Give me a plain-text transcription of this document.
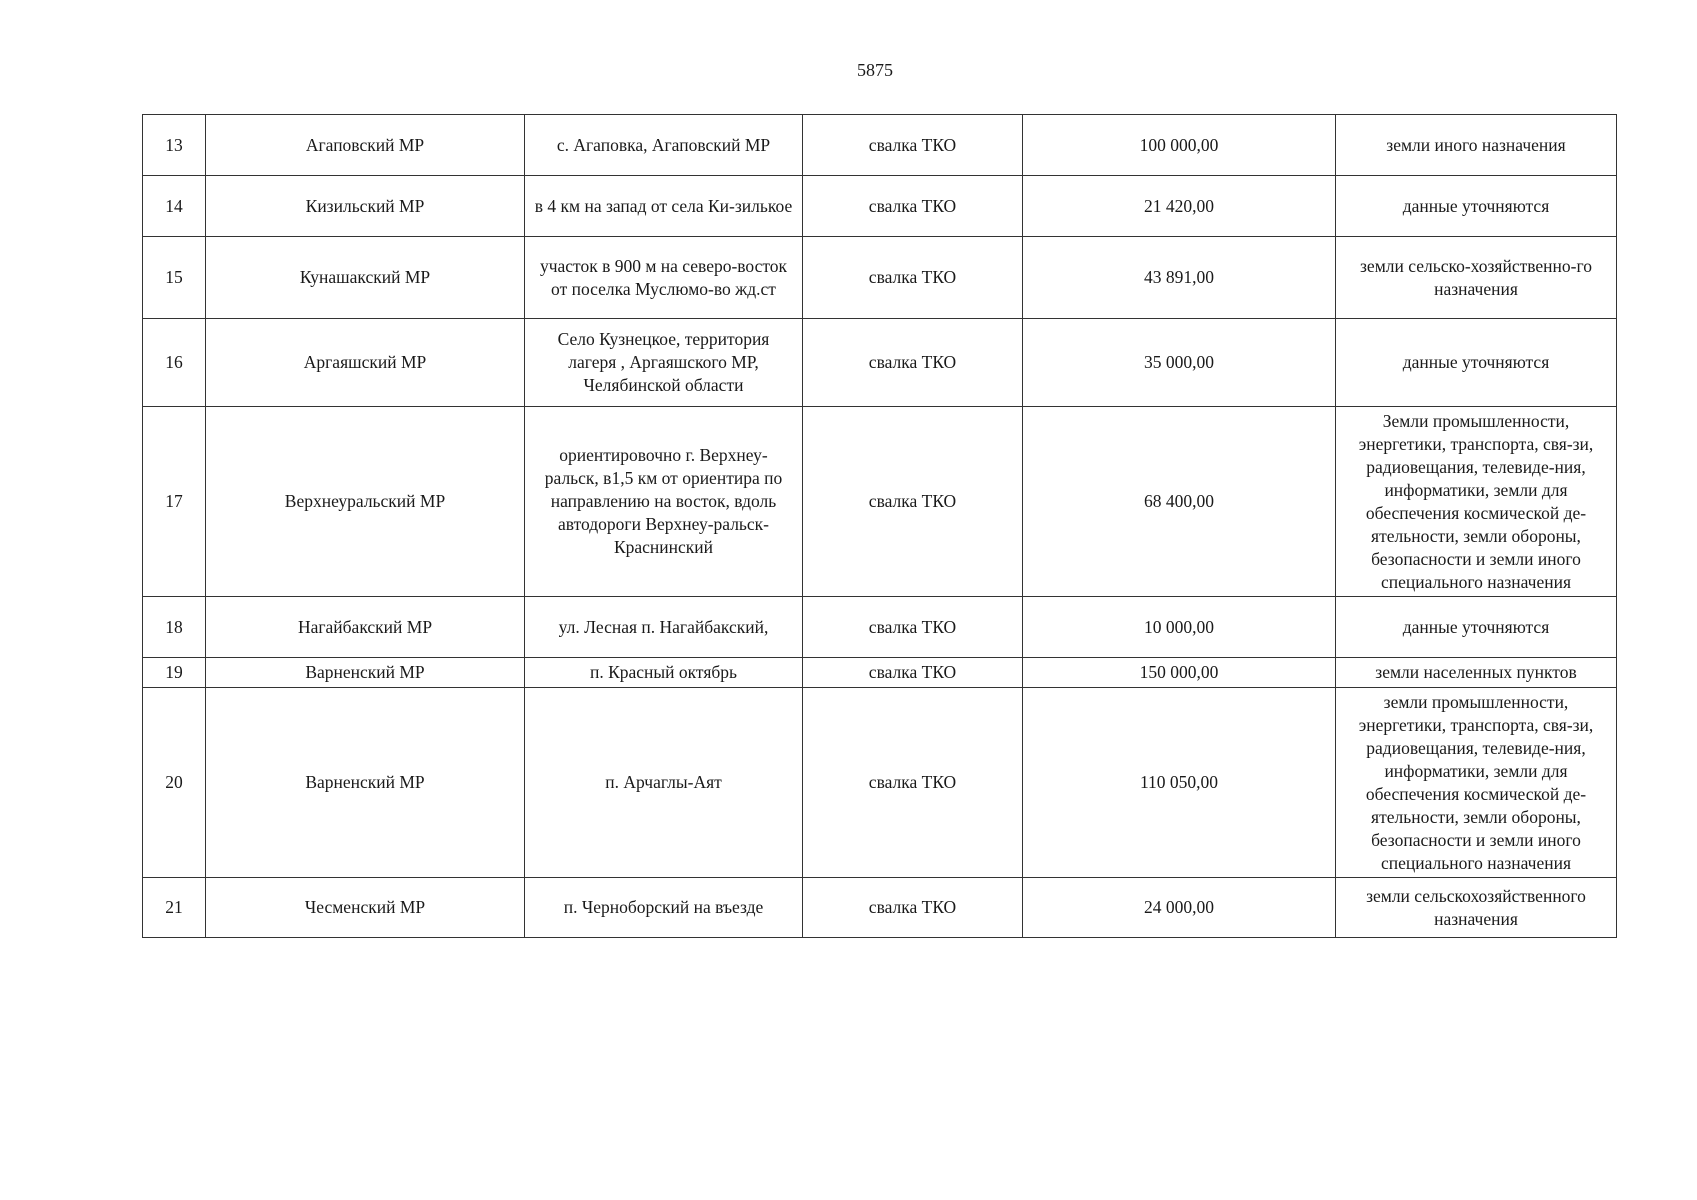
5875
13	Агаповский МР	с. Агаповка, Агаповский МР	свалка ТКО	100 000,00	земли иного назначения
14	Кизильский МР	в 4 км на запад от села Ки-зилькое	свалка ТКО	21 420,00	данные уточняются
15	Кунашакский МР	участок в 900 м на северо-восток от поселка Муслюмо-во жд.ст	свалка ТКО	43 891,00	земли сельско-хозяйственно-го назначения
16	Аргаяшский МР	Село Кузнецкое, территория лагеря , Аргаяшского МР, Челябинской области	свалка ТКО	35 000,00	данные уточняются
17	Верхнеуральский МР	ориентировочно г. Верхнеу-ральск, в1,5 км от ориентира по направлению на восток, вдоль автодороги Верхнеу-ральск-Краснинский	свалка ТКО	68 400,00	Земли промышленности, энергетики, транспорта, свя-зи, радиовещания, телевиде-ния, информатики, земли для обеспечения космической де-ятельности, земли обороны, безопасности и земли иного специального назначения
18	Нагайбакский МР	ул. Лесная п. Нагайбакский,	свалка ТКО	10 000,00	данные уточняются
19	Варненский МР	п. Красный октябрь	свалка ТКО	150 000,00	земли населенных пунктов
20	Варненский МР	п. Арчаглы-Аят	свалка ТКО	110 050,00	земли промышленности, энергетики, транспорта, свя-зи, радиовещания, телевиде-ния, информатики, земли для обеспечения космической де-ятельности, земли обороны, безопасности и земли иного специального назначения
21	Чесменский МР	п. Черноборский на въезде	свалка ТКО	24 000,00	земли сельскохозяйственного назначения
